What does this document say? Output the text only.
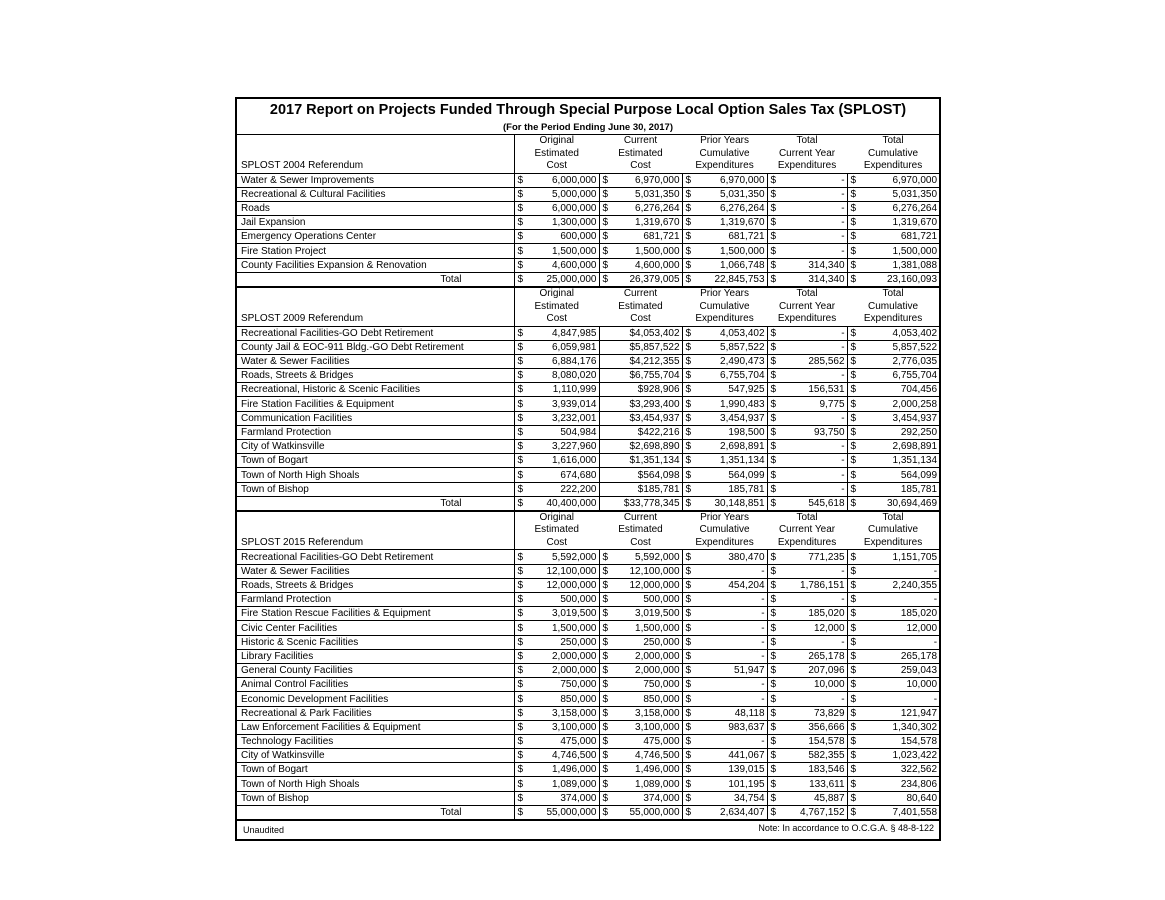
2017 Report on Projects Funded Through Special Purpose Local Option Sales Tax (SPLOST)
(For the Period Ending June 30, 2017)
	Original		Current		Prior Years		Total		Total	
	Estimated		Estimated		Cumulative		Current Year		Cumulative	
SPLOST 2004 Referendum	Cost		Cost		Expenditures		Expenditures		Expenditures	
Water & Sewer Improvements	$	6,000,000	$	6,970,000	$	6,970,000	$	-	$	6,970,000
Recreational & Cultural Facilities	$	5,000,000	$	5,031,350	$	5,031,350	$	-	$	5,031,350
Roads	$	6,000,000	$	6,276,264	$	6,276,264	$	-	$	6,276,264
Jail Expansion	$	1,300,000	$	1,319,670	$	1,319,670	$	-	$	1,319,670
Emergency Operations Center	$	600,000	$	681,721	$	681,721	$	-	$	681,721
Fire Station Project	$	1,500,000	$	1,500,000	$	1,500,000	$	-	$	1,500,000
County Facilities Expansion & Renovation	$	4,600,000	$	4,600,000	$	1,066,748	$	314,340	$	1,381,088
Total	$	25,000,000	$	26,379,005	$	22,845,753	$	314,340	$	23,160,093
	Original		Current		Prior Years		Total		Total	
	Estimated		Estimated		Cumulative		Current Year		Cumulative	
SPLOST 2009 Referendum	Cost		Cost		Expenditures		Expenditures		Expenditures	
Recreational Facilities-GO Debt Retirement	$	4,847,985		$4,053,402	$	4,053,402	$	-	$	4,053,402
County Jail & EOC-911 Bldg.-GO Debt Retirement	$	6,059,981		$5,857,522	$	5,857,522	$	-	$	5,857,522
Water & Sewer Facilities	$	6,884,176		$4,212,355	$	2,490,473	$	285,562	$	2,776,035
Roads, Streets & Bridges	$	8,080,020		$6,755,704	$	6,755,704	$	-	$	6,755,704
Recreational, Historic & Scenic Facilities	$	1,110,999		$928,906	$	547,925	$	156,531	$	704,456
Fire Station Facilities & Equipment	$	3,939,014		$3,293,400	$	1,990,483	$	9,775	$	2,000,258
Communication Facilities	$	3,232,001		$3,454,937	$	3,454,937	$	-	$	3,454,937
Farmland Protection	$	504,984		$422,216	$	198,500	$	93,750	$	292,250
City of Watkinsville	$	3,227,960		$2,698,890	$	2,698,891	$	-	$	2,698,891
Town of Bogart	$	1,616,000		$1,351,134	$	1,351,134	$	-	$	1,351,134
Town of North High Shoals	$	674,680		$564,098	$	564,099	$	-	$	564,099
Town of Bishop	$	222,200		$185,781	$	185,781	$	-	$	185,781
Total	$	40,400,000		$33,778,345	$	30,148,851	$	545,618	$	30,694,469
	Original		Current		Prior Years		Total		Total	
	Estimated		Estimated		Cumulative		Current Year		Cumulative	
SPLOST 2015 Referendum	Cost		Cost		Expenditures		Expenditures		Expenditures	
Recreational Facilities-GO Debt Retirement	$	5,592,000	$	5,592,000	$	380,470	$	771,235	$	1,151,705
Water & Sewer Facilities	$	12,100,000	$	12,100,000	$	-	$	-	$	-
Roads, Streets & Bridges	$	12,000,000	$	12,000,000	$	454,204	$	1,786,151	$	2,240,355
Farmland Protection	$	500,000	$	500,000	$	-	$	-	$	-
Fire Station Rescue Facilities & Equipment	$	3,019,500	$	3,019,500	$	-	$	185,020	$	185,020
Civic Center Facilities	$	1,500,000	$	1,500,000	$	-	$	12,000	$	12,000
Historic & Scenic Facilities	$	250,000	$	250,000	$	-	$	-	$	-
Library Facilities	$	2,000,000	$	2,000,000	$	-	$	265,178	$	265,178
General County Facilities	$	2,000,000	$	2,000,000	$	51,947	$	207,096	$	259,043
Animal Control Facilities	$	750,000	$	750,000	$	-	$	10,000	$	10,000
Economic Development Facilities	$	850,000	$	850,000	$	-	$	-	$	-
Recreational & Park Facilities	$	3,158,000	$	3,158,000	$	48,118	$	73,829	$	121,947
Law Enforcement Facilities & Equipment	$	3,100,000	$	3,100,000	$	983,637	$	356,666	$	1,340,302
Technology Facilities	$	475,000	$	475,000	$	-	$	154,578	$	154,578
City of Watkinsville	$	4,746,500	$	4,746,500	$	441,067	$	582,355	$	1,023,422
Town of Bogart	$	1,496,000	$	1,496,000	$	139,015	$	183,546	$	322,562
Town of North High Shoals	$	1,089,000	$	1,089,000	$	101,195	$	133,611	$	234,806
Town of Bishop	$	374,000	$	374,000	$	34,754	$	45,887	$	80,640
Total	$	55,000,000	$	55,000,000	$	2,634,407	$	4,767,152	$	7,401,558
Unaudited	Note: In accordance to O.C.G.A. § 48-8-122
